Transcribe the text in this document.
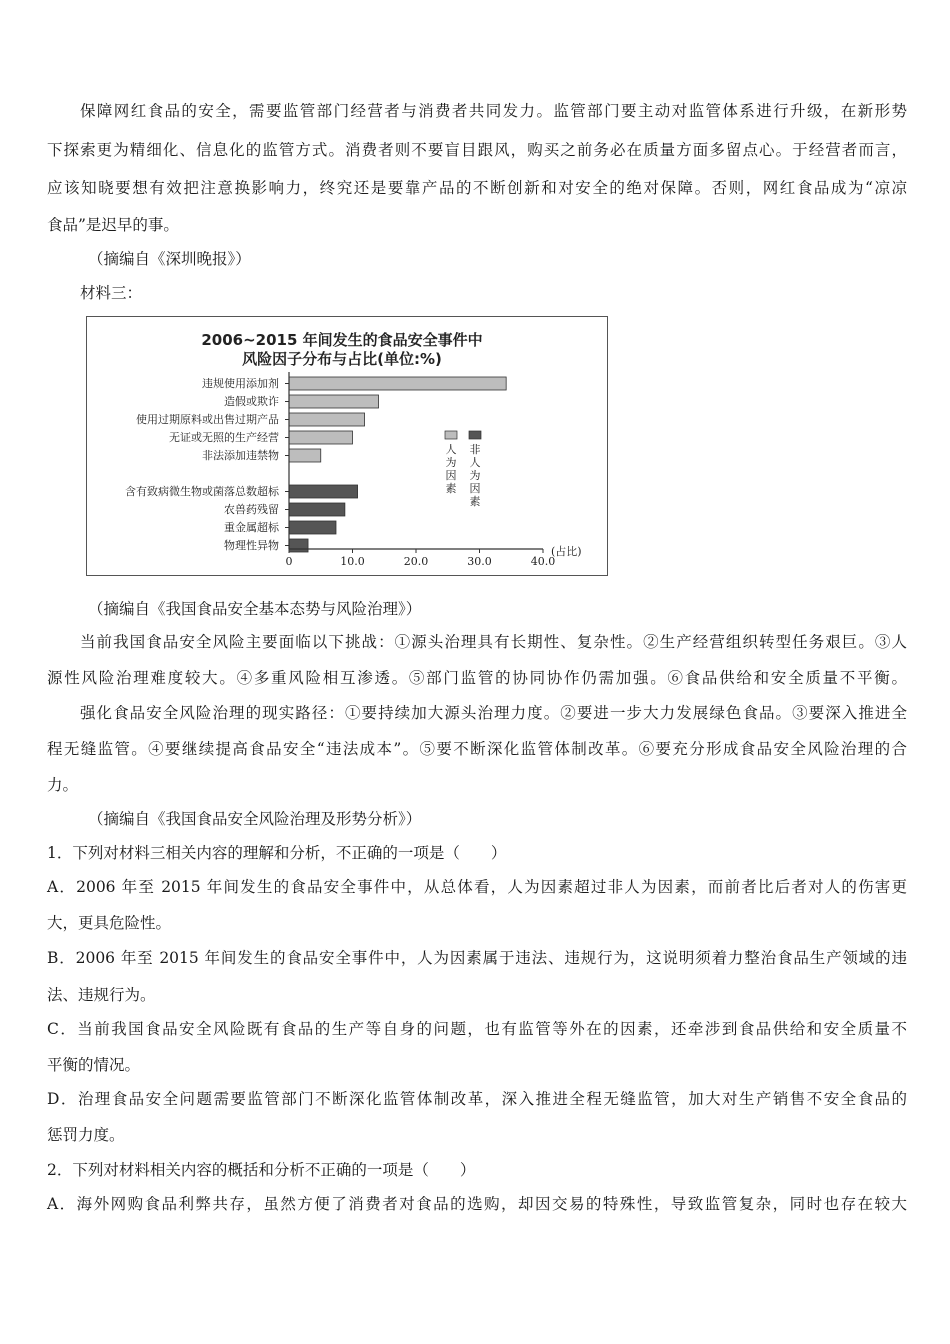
保障网红食品的安全，需要监管部门经营者与消费者共同发力。监管部门要主动对监管体系进行升级，在新形势
下探索更为精细化、信息化的监管方式。消费者则不要盲目跟风，购买之前务必在质量方面多留点心。于经营者而言，
应该知晓要想有效把注意换影响力，终究还是要靠产品的不断创新和对安全的绝对保障。否则，网红食品成为“凉凉
食品”是迟早的事。
（摘编自《深圳晚报》）
材料三：
2006~2015 年间发生的食品安全事件中
风险因子分布与占比(单位:%)
违规使用添加剂
造假或欺诈
使用过期原料或出售过期产品
无证或无照的生产经营
非法添加违禁物
含有致病微生物或菌落总数超标
农兽药残留
重金属超标
物理性异物
人为因素
非人为因素
0	10.0	20.0	30.0	40.0
(占比)
（摘编自《我国食品安全基本态势与风险治理》）
当前我国食品安全风险主要面临以下挑战：①源头治理具有长期性、复杂性。②生产经营组织转型任务艰巨。③人
源性风险治理难度较大。④多重风险相互渗透。⑤部门监管的协同协作仍需加强。⑥食品供给和安全质量不平衡。
强化食品安全风险治理的现实路径：①要持续加大源头治理力度。②要进一步大力发展绿色食品。③要深入推进全
程无缝监管。④要继续提高食品安全“违法成本”。⑤要不断深化监管体制改革。⑥要充分形成食品安全风险治理的合
力。
（摘编自《我国食品安全风险治理及形势分析》）
1．下列对材料三相关内容的理解和分析，不正确的一项是（　　）
A．2006 年至 2015 年间发生的食品安全事件中，从总体看，人为因素超过非人为因素，而前者比后者对人的伤害更
大，更具危险性。
B．2006 年至 2015 年间发生的食品安全事件中，人为因素属于违法、违规行为，这说明须着力整治食品生产领域的违
法、违规行为。
C．当前我国食品安全风险既有食品的生产等自身的问题，也有监管等外在的因素，还牵涉到食品供给和安全质量不
平衡的情况。
D．治理食品安全问题需要监管部门不断深化监管体制改革，深入推进全程无缝监管，加大对生产销售不安全食品的
惩罚力度。
2．下列对材料相关内容的概括和分析不正确的一项是（　　）
A．海外网购食品利弊共存，虽然方便了消费者对食品的选购，却因交易的特殊性，导致监管复杂，同时也存在较大
